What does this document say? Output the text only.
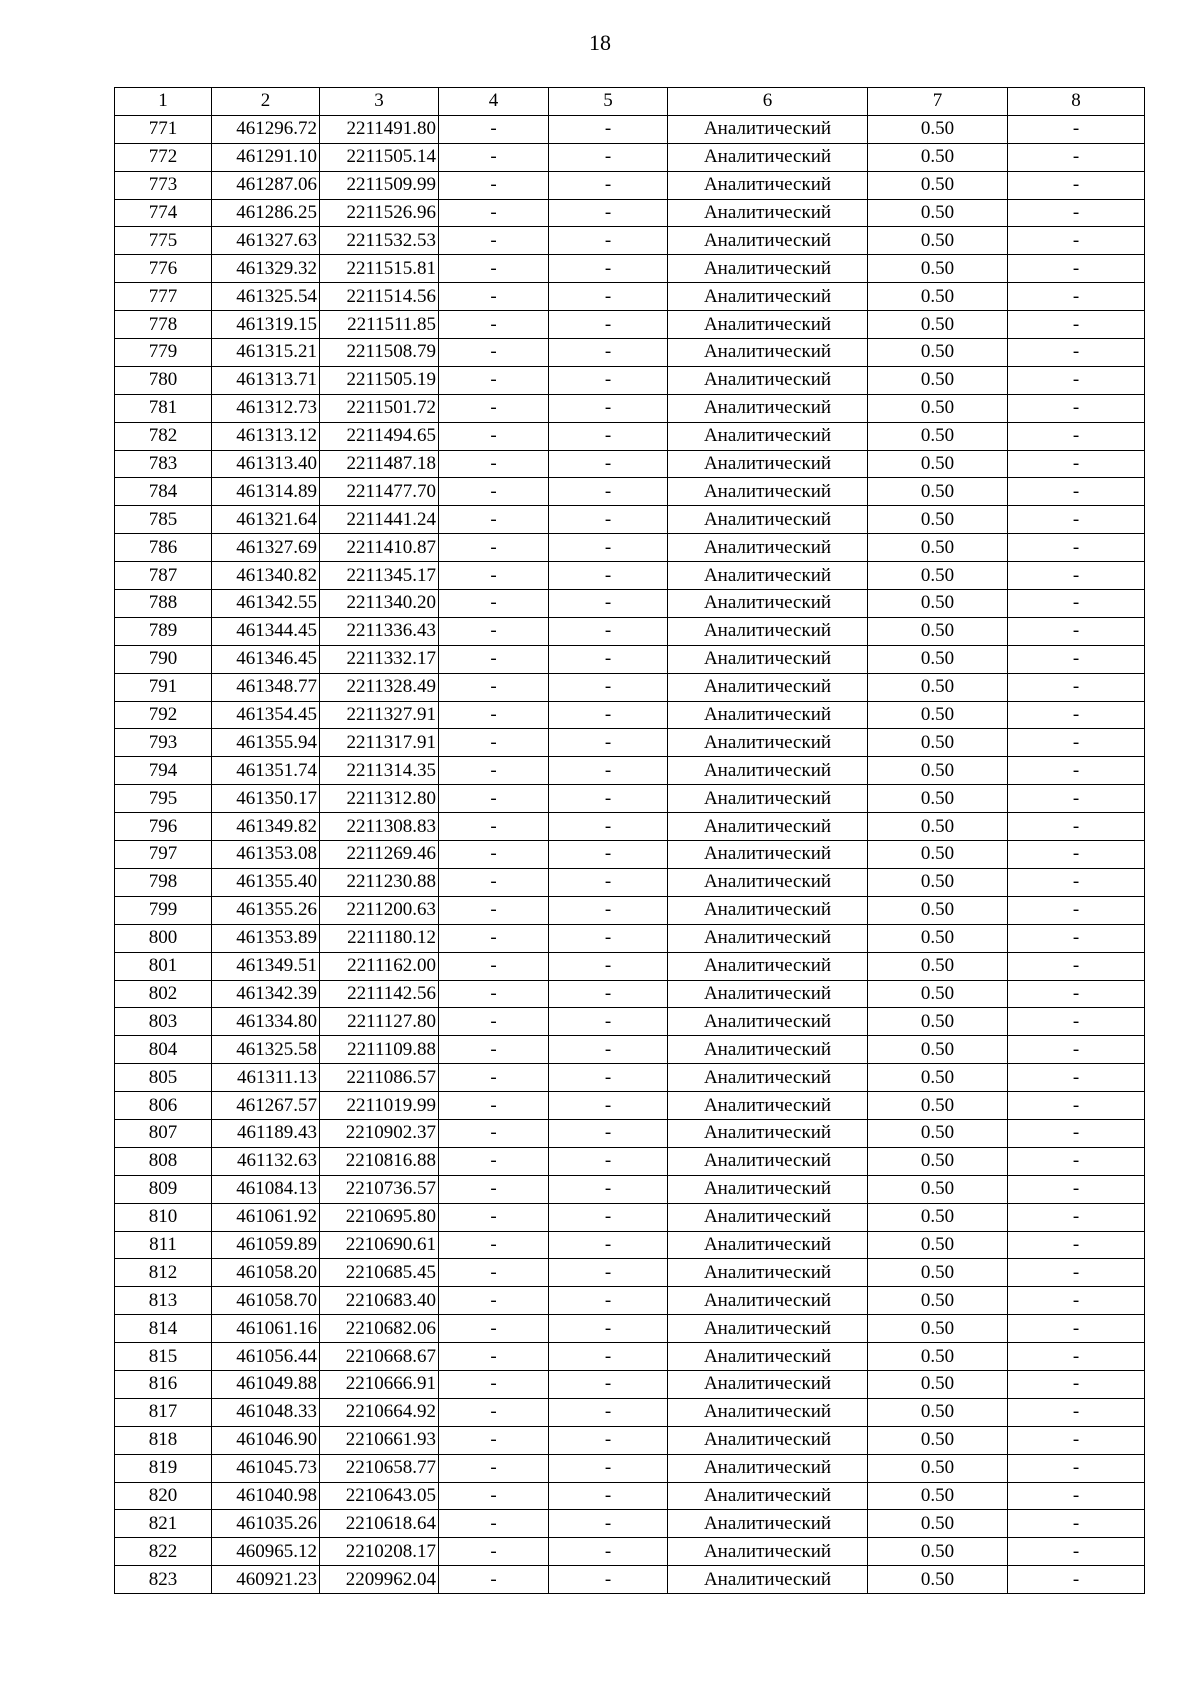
18
1	2	3	4	5	6	7	8
771	461296.72	2211491.80	-	-	Аналитический	0.50	-
772	461291.10	2211505.14	-	-	Аналитический	0.50	-
773	461287.06	2211509.99	-	-	Аналитический	0.50	-
774	461286.25	2211526.96	-	-	Аналитический	0.50	-
775	461327.63	2211532.53	-	-	Аналитический	0.50	-
776	461329.32	2211515.81	-	-	Аналитический	0.50	-
777	461325.54	2211514.56	-	-	Аналитический	0.50	-
778	461319.15	2211511.85	-	-	Аналитический	0.50	-
779	461315.21	2211508.79	-	-	Аналитический	0.50	-
780	461313.71	2211505.19	-	-	Аналитический	0.50	-
781	461312.73	2211501.72	-	-	Аналитический	0.50	-
782	461313.12	2211494.65	-	-	Аналитический	0.50	-
783	461313.40	2211487.18	-	-	Аналитический	0.50	-
784	461314.89	2211477.70	-	-	Аналитический	0.50	-
785	461321.64	2211441.24	-	-	Аналитический	0.50	-
786	461327.69	2211410.87	-	-	Аналитический	0.50	-
787	461340.82	2211345.17	-	-	Аналитический	0.50	-
788	461342.55	2211340.20	-	-	Аналитический	0.50	-
789	461344.45	2211336.43	-	-	Аналитический	0.50	-
790	461346.45	2211332.17	-	-	Аналитический	0.50	-
791	461348.77	2211328.49	-	-	Аналитический	0.50	-
792	461354.45	2211327.91	-	-	Аналитический	0.50	-
793	461355.94	2211317.91	-	-	Аналитический	0.50	-
794	461351.74	2211314.35	-	-	Аналитический	0.50	-
795	461350.17	2211312.80	-	-	Аналитический	0.50	-
796	461349.82	2211308.83	-	-	Аналитический	0.50	-
797	461353.08	2211269.46	-	-	Аналитический	0.50	-
798	461355.40	2211230.88	-	-	Аналитический	0.50	-
799	461355.26	2211200.63	-	-	Аналитический	0.50	-
800	461353.89	2211180.12	-	-	Аналитический	0.50	-
801	461349.51	2211162.00	-	-	Аналитический	0.50	-
802	461342.39	2211142.56	-	-	Аналитический	0.50	-
803	461334.80	2211127.80	-	-	Аналитический	0.50	-
804	461325.58	2211109.88	-	-	Аналитический	0.50	-
805	461311.13	2211086.57	-	-	Аналитический	0.50	-
806	461267.57	2211019.99	-	-	Аналитический	0.50	-
807	461189.43	2210902.37	-	-	Аналитический	0.50	-
808	461132.63	2210816.88	-	-	Аналитический	0.50	-
809	461084.13	2210736.57	-	-	Аналитический	0.50	-
810	461061.92	2210695.80	-	-	Аналитический	0.50	-
811	461059.89	2210690.61	-	-	Аналитический	0.50	-
812	461058.20	2210685.45	-	-	Аналитический	0.50	-
813	461058.70	2210683.40	-	-	Аналитический	0.50	-
814	461061.16	2210682.06	-	-	Аналитический	0.50	-
815	461056.44	2210668.67	-	-	Аналитический	0.50	-
816	461049.88	2210666.91	-	-	Аналитический	0.50	-
817	461048.33	2210664.92	-	-	Аналитический	0.50	-
818	461046.90	2210661.93	-	-	Аналитический	0.50	-
819	461045.73	2210658.77	-	-	Аналитический	0.50	-
820	461040.98	2210643.05	-	-	Аналитический	0.50	-
821	461035.26	2210618.64	-	-	Аналитический	0.50	-
822	460965.12	2210208.17	-	-	Аналитический	0.50	-
823	460921.23	2209962.04	-	-	Аналитический	0.50	-
